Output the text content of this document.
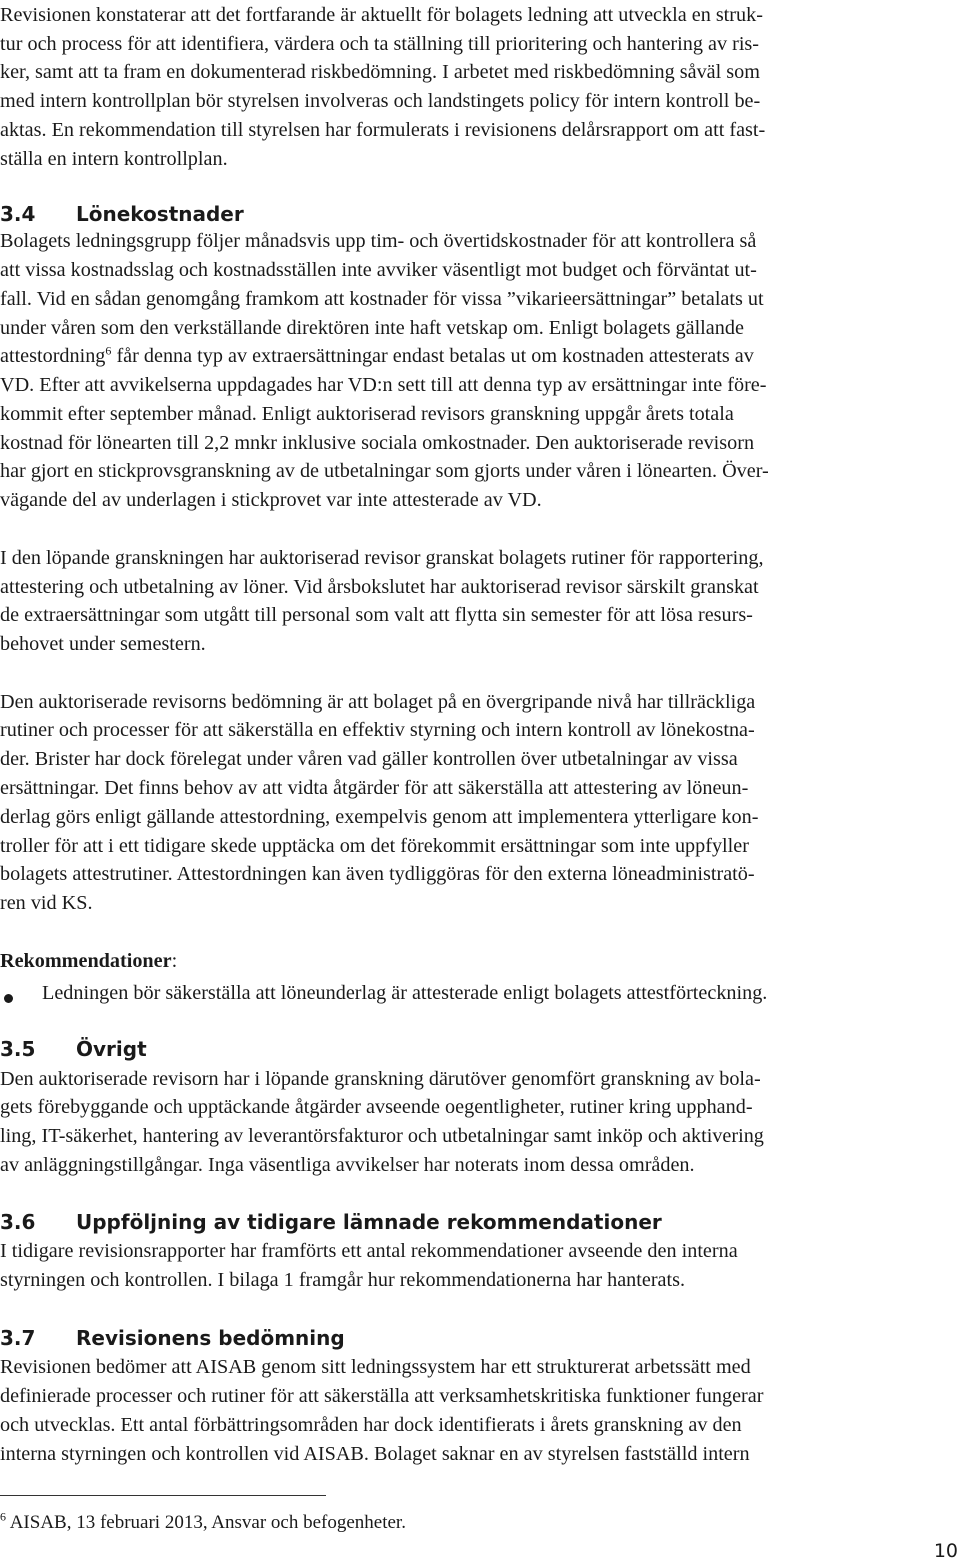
Revisionen konstaterar att det fortfarande är aktuellt för bolagets ledning att utveckla en struk-
tur och process för att identifiera, värdera och ta ställning till prioritering och hantering av ris-
ker, samt att ta fram en dokumenterad riskbedömning. I arbetet med riskbedömning såväl som
med intern kontrollplan bör styrelsen involveras och landstingets policy för intern kontroll be-
aktas. En rekommendation till styrelsen har formulerats i revisionens delårsrapport om att fast-
ställa en intern kontrollplan.
3.4 Lönekostnader
Bolagets ledningsgrupp följer månadsvis upp tim- och övertidskostnader för att kontrollera så
att vissa kostnadsslag och kostnadsställen inte avviker väsentligt mot budget och förväntat ut-
fall. Vid en sådan genomgång framkom att kostnader för vissa ”vikarieersättningar” betalats ut
under våren som den verkställande direktören inte haft vetskap om. Enligt bolagets gällande
attestordning$^6$ får denna typ av extraersättningar endast betalas ut om kostnaden attesterats av
VD. Efter att avvikelserna uppdagades har VD:n sett till att denna typ av ersättningar inte före-
kommit efter september månad. Enligt auktoriserad revisors granskning uppgår årets totala
kostnad för lönearten till 2,2 mnkr inklusive sociala omkostnader. Den auktoriserade revisorn
har gjort en stickprovsgranskning av de utbetalningar som gjorts under våren i lönearten. Över-
vägande del av underlagen i stickprovet var inte attesterade av VD.
I den löpande granskningen har auktoriserad revisor granskat bolagets rutiner för rapportering,
attestering och utbetalning av löner. Vid årsbokslutet har auktoriserad revisor särskilt granskat
de extraersättningar som utgått till personal som valt att flytta sin semester för att lösa resurs-
behovet under semestern.
Den auktoriserade revisorns bedömning är att bolaget på en övergripande nivå har tillräckliga
rutiner och processer för att säkerställa en effektiv styrning och intern kontroll av lönekostna-
der. Brister har dock förelegat under våren vad gäller kontrollen över utbetalningar av vissa
ersättningar. Det finns behov av att vidta åtgärder för att säkerställa att attestering av löneun-
derlag görs enligt gällande attestordning, exempelvis genom att implementera ytterligare kon-
troller för att i ett tidigare skede upptäcka om det förekommit ersättningar som inte uppfyller
bolagets attestrutiner. Attestordningen kan även tydliggöras för den externa löneadministratö-
ren vid KS.
Rekommendationer:
Ledningen bör säkerställa att löneunderlag är attesterade enligt bolagets attestförteckning.
3.5 Övrigt
Den auktoriserade revisorn har i löpande granskning därutöver genomfört granskning av bola-
gets förebyggande och upptäckande åtgärder avseende oegentligheter, rutiner kring upphand-
ling, IT-säkerhet, hantering av leverantörsfakturor och utbetalningar samt inköp och aktivering
av anläggningstillgångar. Inga väsentliga avvikelser har noterats inom dessa områden.
3.6 Uppföljning av tidigare lämnade rekommendationer
I tidigare revisionsrapporter har framförts ett antal rekommendationer avseende den interna
styrningen och kontrollen. I bilaga 1 framgår hur rekommendationerna har hanterats.
3.7 Revisionens bedömning
Revisionen bedömer att AISAB genom sitt ledningssystem har ett strukturerat arbetssätt med
definierade processer och rutiner för att säkerställa att verksamhetskritiska funktioner fungerar
och utvecklas. Ett antal förbättringsområden har dock identifierats i årets granskning av den
interna styrningen och kontrollen vid AISAB. Bolaget saknar en av styrelsen fastställd intern
$^6$ AISAB, 13 februari 2013, Ansvar och befogenheter.
10
